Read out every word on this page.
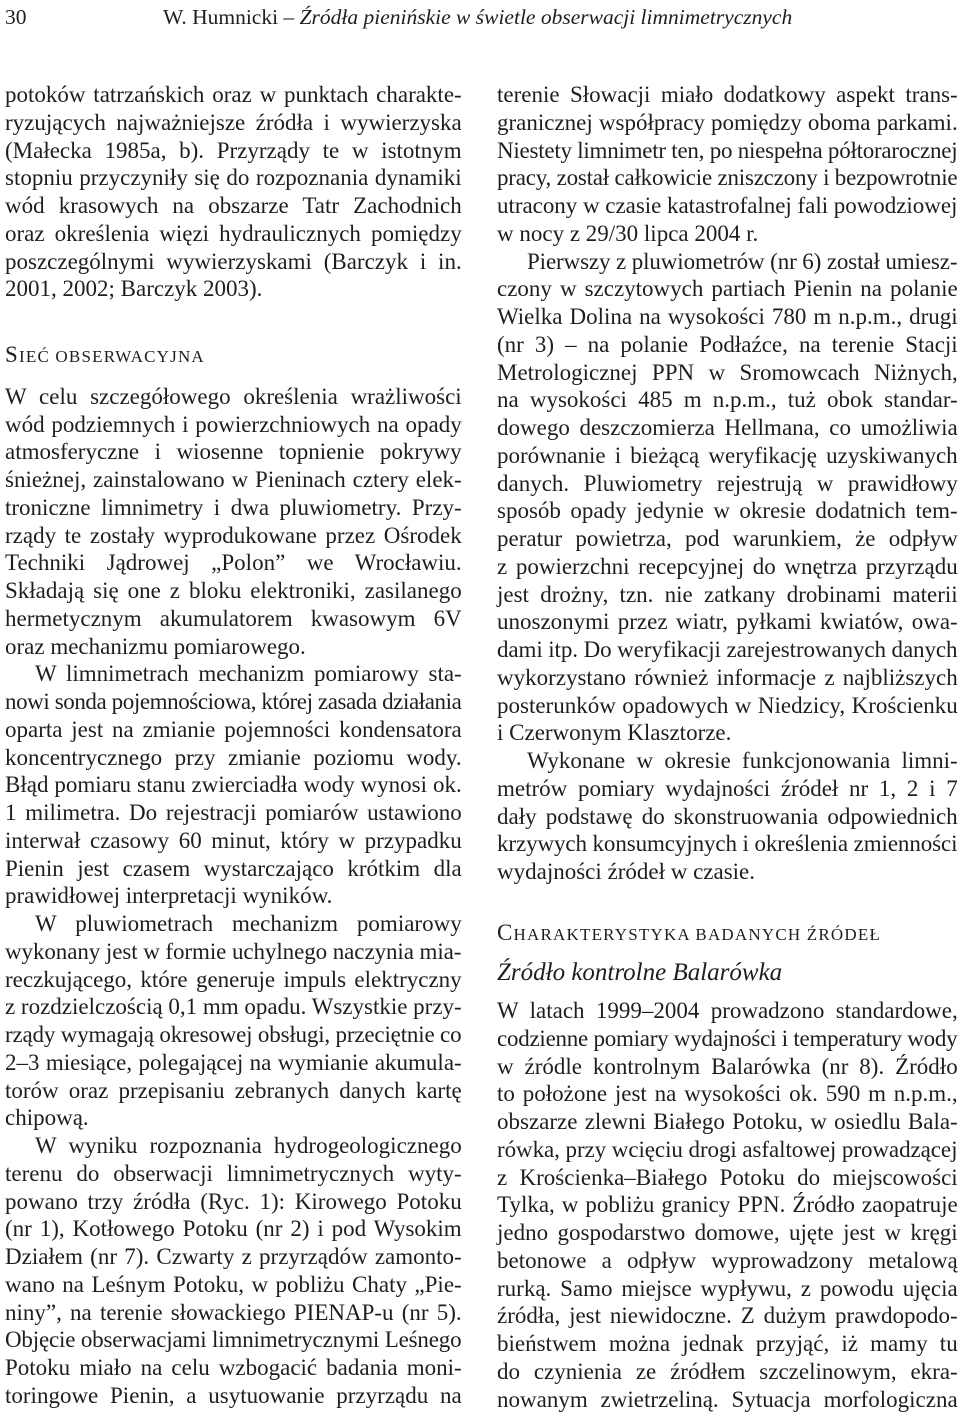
30	W. Humnicki – Źródła pienińskie w świetle obserwacji limnimetrycznych
potoków tatrzańskich oraz w punktach charakte-
ryzujących najważniejsze źródła i wywierzyska
(Małecka 1985a, b). Przyrządy te w istotnym
stopniu przyczyniły się do rozpoznania dynamiki
wód krasowych na obszarze Tatr Zachodnich
oraz określenia więzi hydraulicznych pomiędzy
poszczególnymi wywierzyskami (Barczyk i in.
2001, 2002; Barczyk 2003).
SIEĆ OBSERWACYJNA
W celu szczegółowego określenia wrażliwości
wód podziemnych i powierzchniowych na opady
atmosferyczne i wiosenne topnienie pokrywy
śnieżnej, zainstalowano w Pieninach cztery elek-
troniczne limnimetry i dwa pluwiometry. Przy-
rządy te zostały wyprodukowane przez Ośrodek
Techniki Jądrowej „Polon” we Wrocławiu.
Składają się one z bloku elektroniki, zasilanego
hermetycznym akumulatorem kwasowym 6V
oraz mechanizmu pomiarowego.
W limnimetrach mechanizm pomiarowy sta-
nowi sonda pojemnościowa, której zasada działania
oparta jest na zmianie pojemności kondensatora
koncentrycznego przy zmianie poziomu wody.
Błąd pomiaru stanu zwierciadła wody wynosi ok.
1 milimetra. Do rejestracji pomiarów ustawiono
interwał czasowy 60 minut, który w przypadku
Pienin jest czasem wystarczająco krótkim dla
prawidłowej interpretacji wyników.
W pluwiometrach mechanizm pomiarowy
wykonany jest w formie uchylnego naczynia mia-
reczkującego, które generuje impuls elektryczny
z rozdzielczością 0,1 mm opadu. Wszystkie przy-
rządy wymagają okresowej obsługi, przeciętnie co
2–3 miesiące, polegającej na wymianie akumula-
torów oraz przepisaniu zebranych danych kartę
chipową.
W wyniku rozpoznania hydrogeologicznego
terenu do obserwacji limnimetrycznych wyty-
powano trzy źródła (Ryc. 1): Kirowego Potoku
(nr 1), Kotłowego Potoku (nr 2) i pod Wysokim
Działem (nr 7). Czwarty z przyrządów zamonto-
wano na Leśnym Potoku, w pobliżu Chaty „Pie-
niny”, na terenie słowackiego PIENAP-u (nr 5).
Objęcie obserwacjami limnimetrycznymi Leśnego
Potoku miało na celu wzbogacić badania moni-
toringowe Pienin, a usytuowanie przyrządu na
terenie Słowacji miało dodatkowy aspekt trans-
granicznej współpracy pomiędzy oboma parkami.
Niestety limnimetr ten, po niespełna półtorarocznej
pracy, został całkowicie zniszczony i bezpowrotnie
utracony w czasie katastrofalnej fali powodziowej
w nocy z 29/30 lipca 2004 r.
Pierwszy z pluwiometrów (nr 6) został umiesz-
czony w szczytowych partiach Pienin na polanie
Wielka Dolina na wysokości 780 m n.p.m., drugi
(nr 3) – na polanie Podłaźce, na terenie Stacji
Metrologicznej PPN w Sromowcach Niżnych,
na wysokości 485 m n.p.m., tuż obok standar-
dowego deszczomierza Hellmana, co umożliwia
porównanie i bieżącą weryfikację uzyskiwanych
danych. Pluwiometry rejestrują w prawidłowy
sposób opady jedynie w okresie dodatnich tem-
peratur powietrza, pod warunkiem, że odpływ
z powierzchni recepcyjnej do wnętrza przyrządu
jest drożny, tzn. nie zatkany drobinami materii
unoszonymi przez wiatr, pyłkami kwiatów, owa-
dami itp. Do weryfikacji zarejestrowanych danych
wykorzystano również informacje z najbliższych
posterunków opadowych w Niedzicy, Krościenku
i Czerwonym Klasztorze.
Wykonane w okresie funkcjonowania limni-
metrów pomiary wydajności źródeł nr 1, 2 i 7
dały podstawę do skonstruowania odpowiednich
krzywych konsumcyjnych i określenia zmienności
wydajności źródeł w czasie.
CHARAKTERYSTYKA BADANYCH ŹRÓDEŁ
Źródło kontrolne Balarówka
W latach 1999–2004 prowadzono standardowe,
codzienne pomiary wydajności i temperatury wody
w źródle kontrolnym Balarówka (nr 8). Źródło
to położone jest na wysokości ok. 590 m n.p.m.,
obszarze zlewni Białego Potoku, w osiedlu Bala-
rówka, przy wcięciu drogi asfaltowej prowadzącej
z Krościenka–Białego Potoku do miejscowości
Tylka, w pobliżu granicy PPN. Źródło zaopatruje
jedno gospodarstwo domowe, ujęte jest w kręgi
betonowe a odpływ wyprowadzony metalową
rurką. Samo miejsce wypływu, z powodu ujęcia
źródła, jest niewidoczne. Z dużym prawdopodo-
bieństwem można jednak przyjąć, iż mamy tu
do czynienia ze źródłem szczelinowym, ekra-
nowanym zwietrzeliną. Sytuacja morfologiczna
